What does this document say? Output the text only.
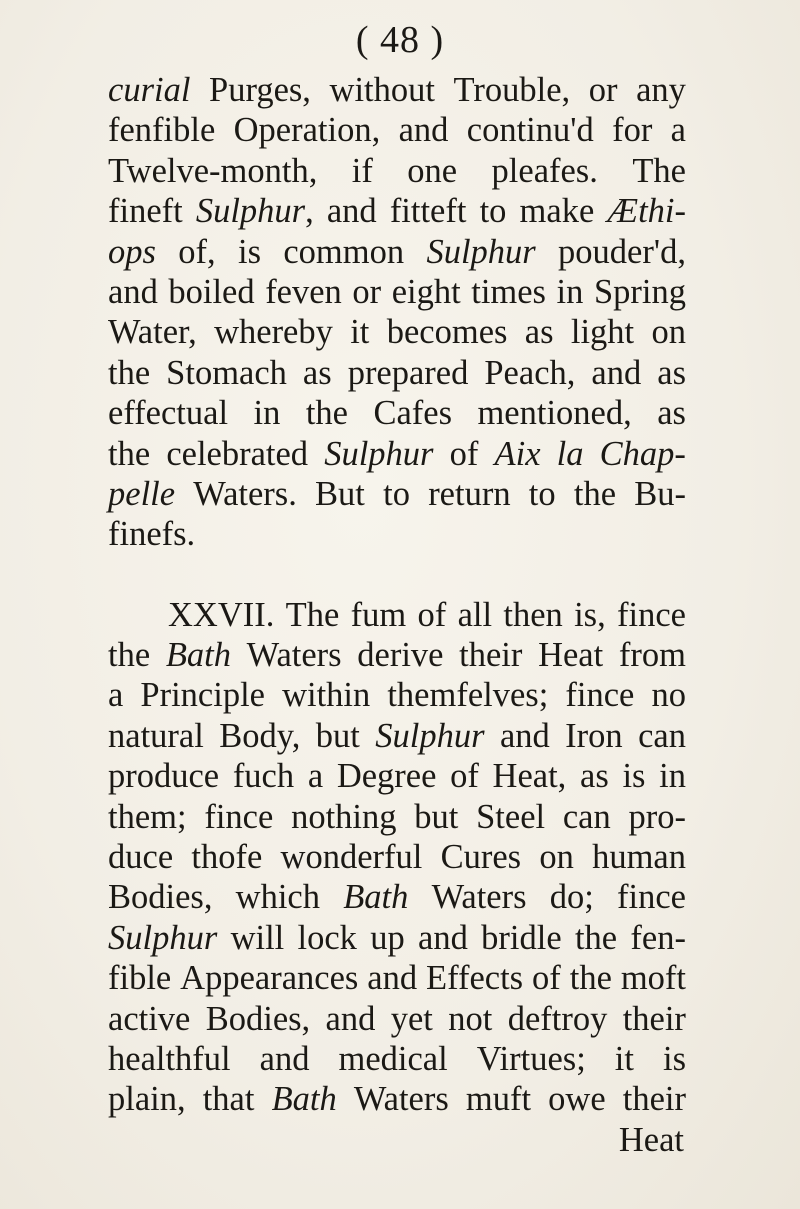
( 48 )
curial Purges, without Trouble, or any
fenfible Operation, and continu'd for a
Twelve-month, if one pleafes. The
fineft Sulphur, and fitteft to make Æthi-
ops of, is common Sulphur pouder'd,
and boiled feven or eight times in Spring
Water, whereby it becomes as light on
the Stomach as prepared Peach, and as
effectual in the Cafes mentioned, as
the celebrated Sulphur of Aix la Chap-
pelle Waters. But to return to the Bu-
finefs.
XXVII. The fum of all then is, fince
the Bath Waters derive their Heat from
a Principle within themfelves; fince no
natural Body, but Sulphur and Iron can
produce fuch a Degree of Heat, as is in
them; fince nothing but Steel can pro-
duce thofe wonderful Cures on human
Bodies, which Bath Waters do; fince
Sulphur will lock up and bridle the fen-
fible Appearances and Effects of the moft
active Bodies, and yet not deftroy their
healthful and medical Virtues; it is
plain, that Bath Waters muft owe their
Heat
